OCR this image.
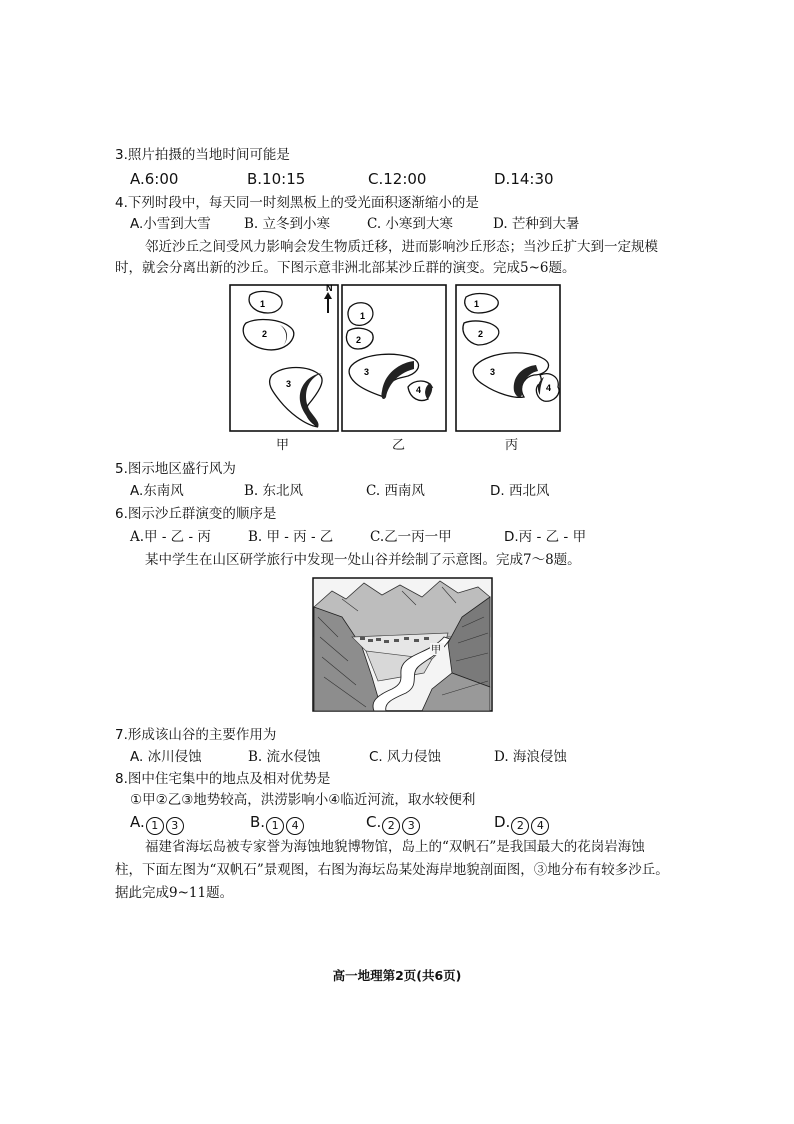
3.照片拍摄的当地时间可能是
A.6:00	B.10:15	C.12:00	D.14:30
4.下列时段中，每天同一时刻黑板上的受光面积逐渐缩小的是
A.小雪到大雪 B. 立冬到小寒	C. 小寒到大寒	D. 芒种到大暑
邻近沙丘之间受风力影响会发生物质迁移，进而影响沙丘形态；当沙丘扩大到一定规模
时，就会分离出新的沙丘。下图示意非洲北部某沙丘群的演变。完成5~6题。
N
1
2
3
1
2
3
4
1
2
3
4
甲	乙	丙
5.图示地区盛行风为
A.东南风	B. 东北风	C. 西南风	D. 西北风
6.图示沙丘群演变的顺序是
A.甲 - 乙 - 丙	B. 甲 - 丙 - 乙	C.乙一丙一甲	D.丙 - 乙 - 甲
某中学生在山区研学旅行中发现一处山谷并绘制了示意图。完成7～8题。
甲
7.形成该山谷的主要作用为
A. 冰川侵蚀	B. 流水侵蚀	C. 风力侵蚀	D. 海浪侵蚀
8.图中住宅集中的地点及相对优势是
①甲②乙③地势较高，洪涝影响小④临近河流，取水较便利
A. 1 3	B. 1 4	C. 2 3	D. 2 4
福建省海坛岛被专家誉为海蚀地貌博物馆，岛上的“双帆石”是我国最大的花岗岩海蚀
柱，下面左图为“双帆石”景观图，右图为海坛岛某处海岸地貌剖面图，③地分布有较多沙丘。
据此完成9~11题。
高一地理第2页(共6页)
